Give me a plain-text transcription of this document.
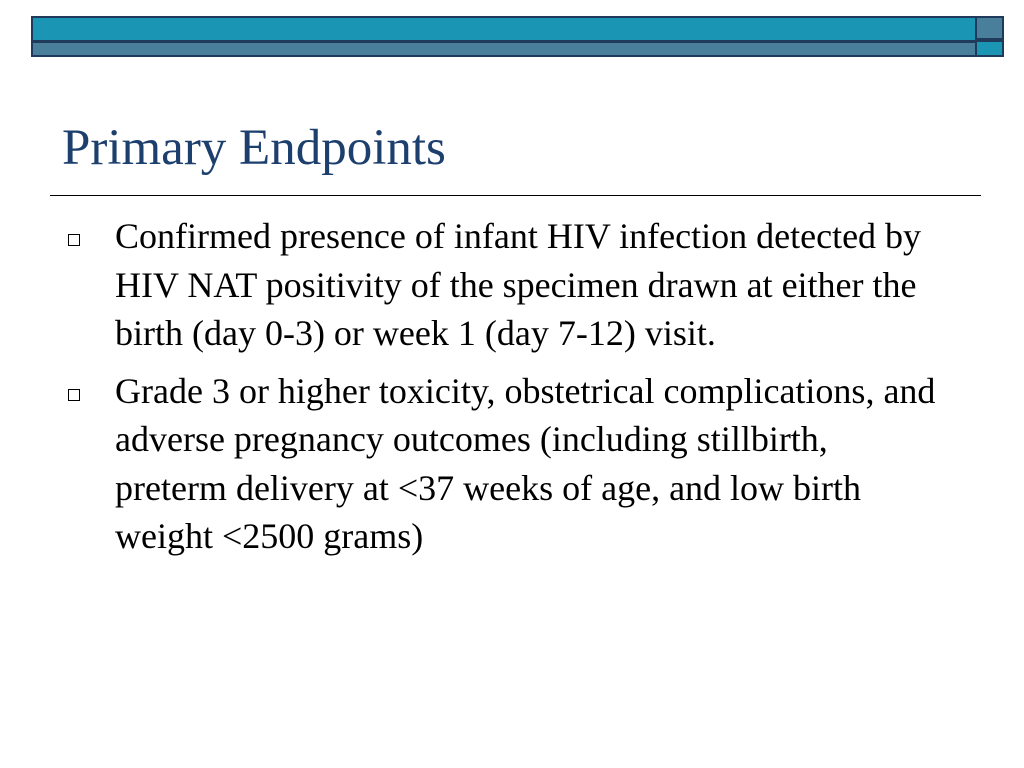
Primary Endpoints
Confirmed presence of infant HIV infection detected by HIV NAT positivity of the specimen drawn at either the birth (day 0-3) or week 1 (day 7-12) visit.
Grade 3 or higher toxicity, obstetrical complications, and adverse pregnancy outcomes (including stillbirth, preterm delivery at <37 weeks of age, and low birth weight <2500 grams)
